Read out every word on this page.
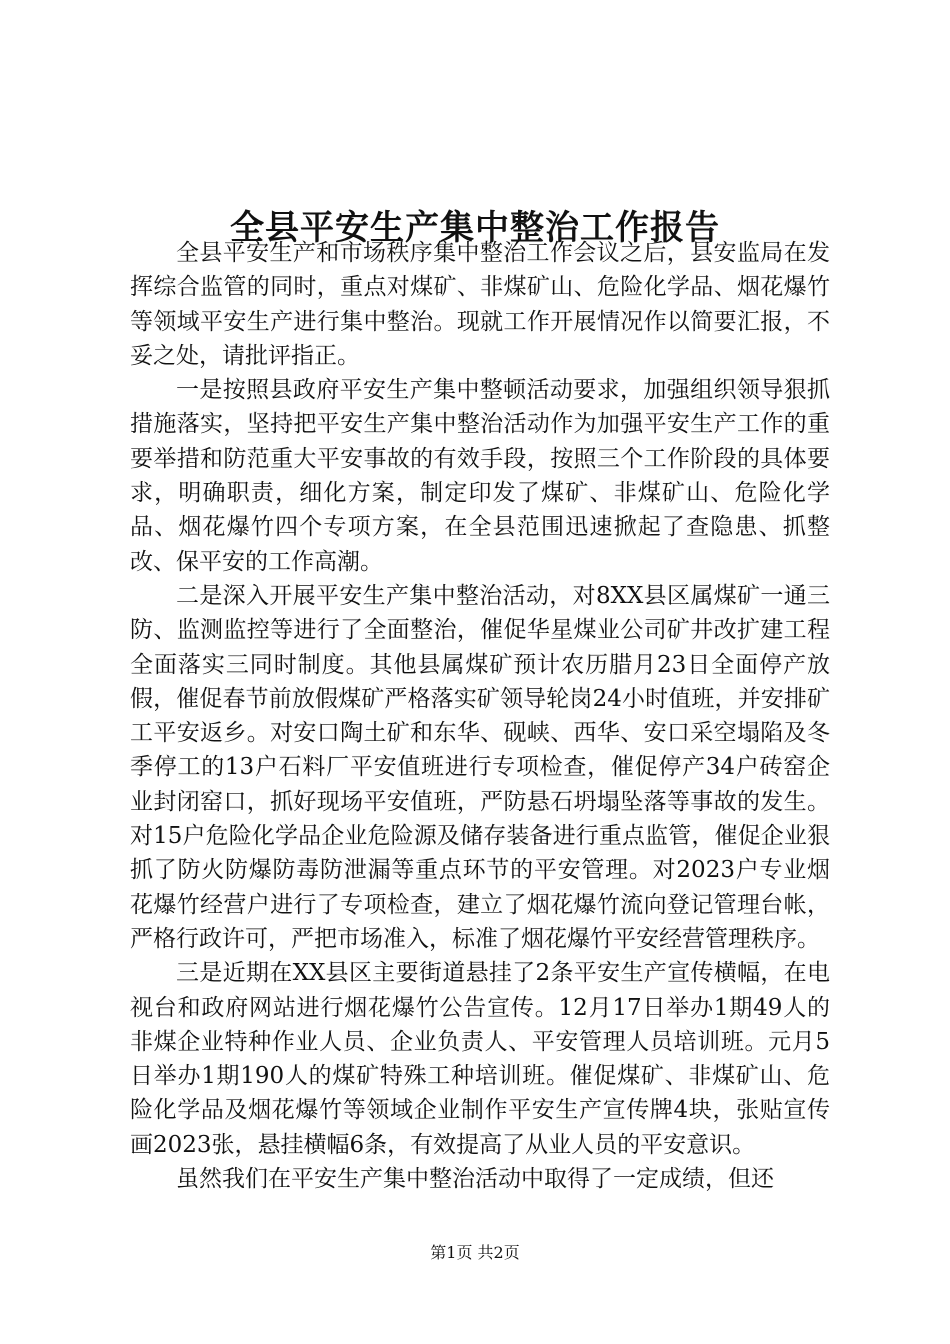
全县平安生产集中整治工作报告

全县平安生产和市场秩序集中整治工作会议之后，县安监局在发挥综合监管的同时，重点对煤矿、非煤矿山、危险化学品、烟花爆竹等领域平安生产进行集中整治。现就工作开展情况作以简要汇报，不妥之处，请批评指正。

一是按照县政府平安生产集中整顿活动要求，加强组织领导狠抓措施落实，坚持把平安生产集中整治活动作为加强平安生产工作的重要举措和防范重大平安事故的有效手段，按照三个工作阶段的具体要求，明确职责，细化方案，制定印发了煤矿、非煤矿山、危险化学品、烟花爆竹四个专项方案，在全县范围迅速掀起了查隐患、抓整改、保平安的工作高潮。

二是深入开展平安生产集中整治活动，对8XX县区属煤矿一通三防、监测监控等进行了全面整治，催促华星煤业公司矿井改扩建工程全面落实三同时制度。其他县属煤矿预计农历腊月23日全面停产放假，催促春节前放假煤矿严格落实矿领导轮岗24小时值班，并安排矿工平安返乡。对安口陶土矿和东华、砚峡、西华、安口采空塌陷及冬季停工的13户石料厂平安值班进行专项检查，催促停产34户砖窑企业封闭窑口，抓好现场平安值班，严防悬石坍塌坠落等事故的发生。对15户危险化学品企业危险源及储存装备进行重点监管，催促企业狠抓了防火防爆防毒防泄漏等重点环节的平安管理。对2023户专业烟花爆竹经营户进行了专项检查，建立了烟花爆竹流向登记管理台帐，严格行政许可，严把市场准入，标准了烟花爆竹平安经营管理秩序。

三是近期在XX县区主要街道悬挂了2条平安生产宣传横幅，在电视台和政府网站进行烟花爆竹公告宣传。12月17日举办1期49人的非煤企业特种作业人员、企业负责人、平安管理人员培训班。元月5日举办1期190人的煤矿特殊工种培训班。催促煤矿、非煤矿山、危险化学品及烟花爆竹等领域企业制作平安生产宣传牌4块，张贴宣传画2023张，悬挂横幅6条，有效提高了从业人员的平安意识。

虽然我们在平安生产集中整治活动中取得了一定成绩，但还

第1页 共2页
